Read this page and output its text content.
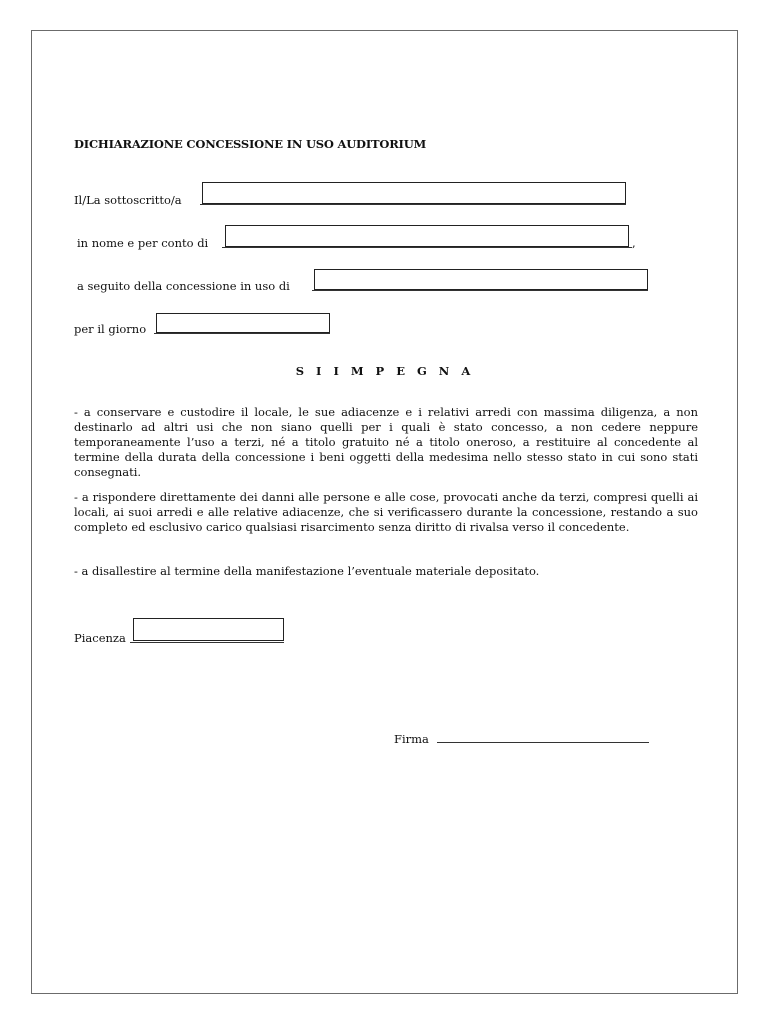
DICHIARAZIONE CONCESSIONE IN USO AUDITORIUM
Il/La sottoscritto/a
in nome e per conto di	,
a seguito della concessione in uso di
per il giorno
S I I M P E G N A
- a conservare e custodire il locale, le sue adiacenze e i relativi arredi con massima diligenza, a non destinarlo ad altri usi che non siano quelli per i quali è stato concesso, a non cedere neppure temporaneamente l’uso a terzi, né a titolo gratuito né a titolo oneroso, a restituire al concedente al termine della durata della concessione i beni oggetti della medesima nello stesso stato in cui sono stati consegnati.
- a rispondere direttamente dei danni alle persone e alle cose, provocati anche da terzi, compresi quelli ai locali, ai suoi arredi e alle relative adiacenze, che si verificassero durante la concessione, restando a suo completo ed esclusivo carico qualsiasi risarcimento senza diritto di rivalsa verso il concedente.
- a disallestire al termine della manifestazione l’eventuale materiale depositato.
Piacenza
Firma
